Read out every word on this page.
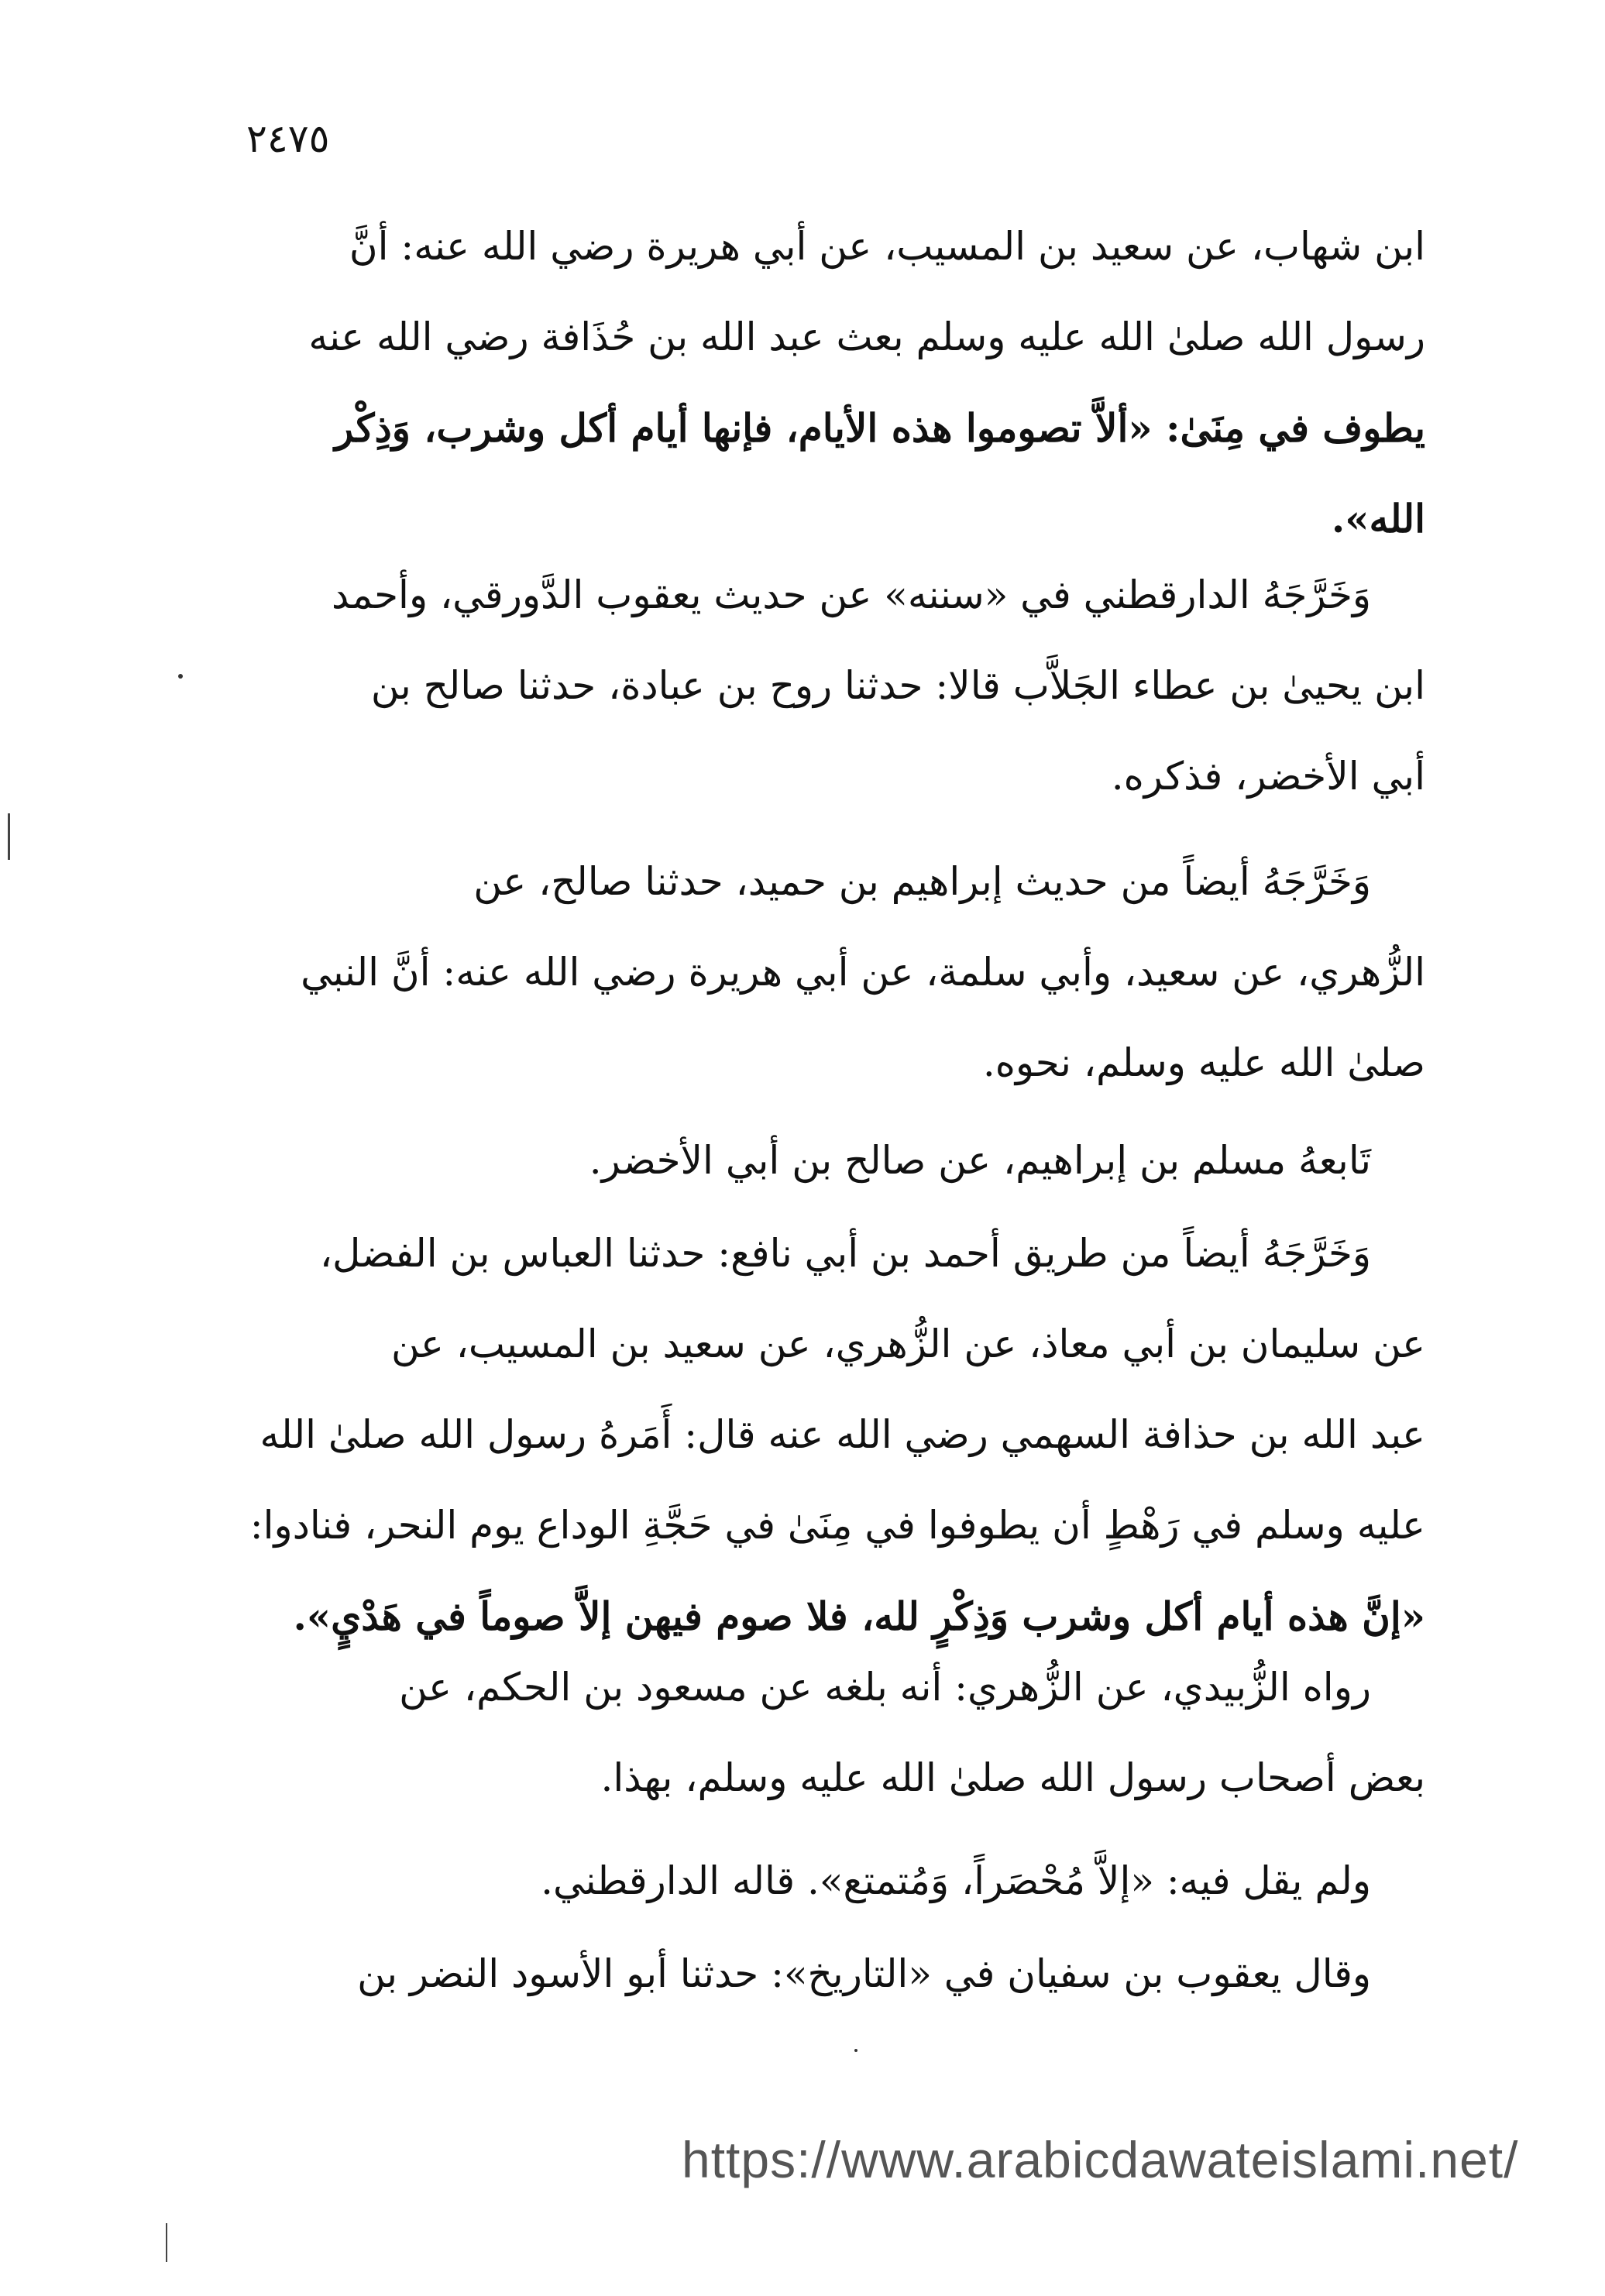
٢٤٧٥
ابن شهاب، عن سعيد بن المسيب، عن أبي هريرة رضي الله عنه: أنَّ
رسول الله صلىٰ الله عليه وسلم بعث عبد الله بن حُذَافة رضي الله عنه
يطوف في مِنَىٰ: «ألاَّ تصوموا هذه الأيام، فإنها أيام أكل وشرب، وَذِكْر
الله».
وَخَرَّجَهُ الدارقطني في «سننه» عن حديث يعقوب الدَّورقي، وأحمد
ابن يحيىٰ بن عطاء الجَلاَّب قالا: حدثنا روح بن عبادة، حدثنا صالح بن
أبي الأخضر، فذكره.
وَخَرَّجَهُ أيضاً من حديث إبراهيم بن حميد، حدثنا صالح، عن
الزُّهري، عن سعيد، وأبي سلمة، عن أبي هريرة رضي الله عنه: أنَّ النبي
صلىٰ الله عليه وسلم، نحوه.
تَابعهُ مسلم بن إبراهيم، عن صالح بن أبي الأخضر.
وَخَرَّجَهُ أيضاً من طريق أحمد بن أبي نافع: حدثنا العباس بن الفضل،
عن سليمان بن أبي معاذ، عن الزُّهري، عن سعيد بن المسيب، عن
عبد الله بن حذافة السهمي رضي الله عنه قال: أَمَرهُ رسول الله صلىٰ الله
عليه وسلم في رَهْطٍ أن يطوفوا في مِنَىٰ في حَجَّةِ الوداع يوم النحر، فنادوا:
«إنَّ هذه أيام أكل وشرب وَذِكْرٍ لله، فلا صوم فيهن إلاَّ صوماً في هَدْيٍ».
رواه الزُّبيدي، عن الزُّهري: أنه بلغه عن مسعود بن الحكم، عن
بعض أصحاب رسول الله صلىٰ الله عليه وسلم، بهذا.
ولم يقل فيه: «إلاَّ مُحْصَراً، وَمُتمتع». قاله الدارقطني.
وقال يعقوب بن سفيان في «التاريخ»: حدثنا أبو الأسود النضر بن
https://www.arabicdawateislami.net/
